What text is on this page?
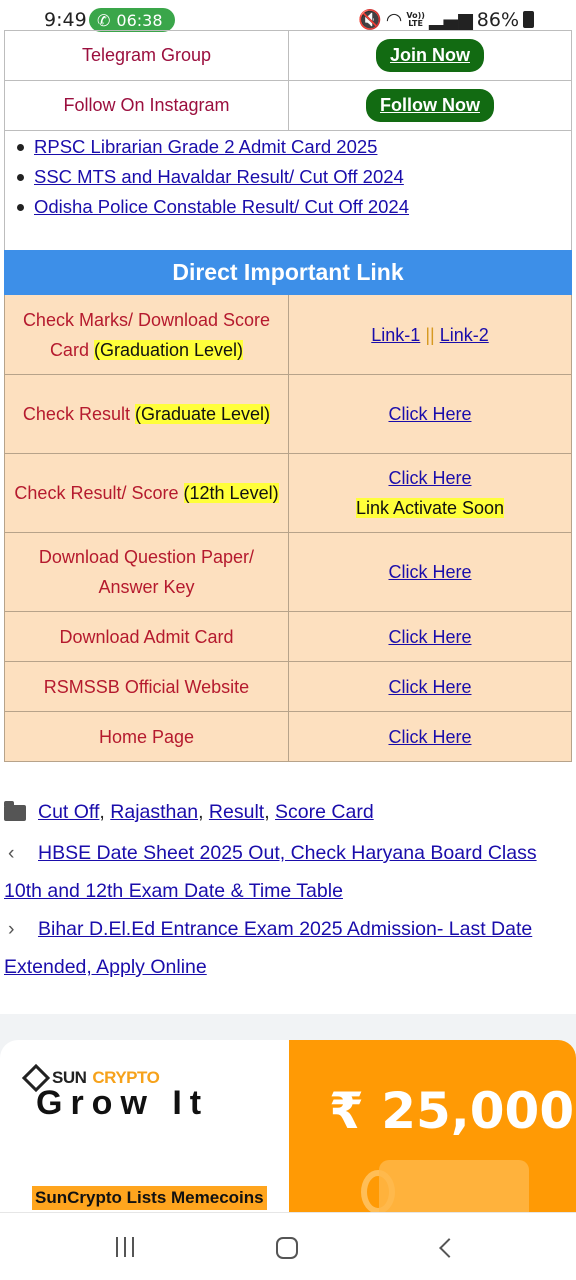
9:49 ✆ 06:38	🔇 ◠ Vo))
LTE ▂▄▆ 86%
Telegram Group	Join Now
Follow On Instagram	Follow Now
RPSC Librarian Grade 2 Admit Card 2025
SSC MTS and Havaldar Result/ Cut Off 2024
Odisha Police Constable Result/ Cut Off 2024
Direct Important Link	
Check Marks/ Download Score Card (Graduation Level)	Link-1 || Link-2
Check Result (Graduate Level)	Click Here
Check Result/ Score (12th Level)	Click Here
Link Activate Soon
Download Question Paper/ Answer Key	Click Here
Download Admit Card	Click Here
RSMSSB Official Website	Click Here
Home Page	Click Here
Cut Off ,
Rajasthan ,
Result ,
Score Card
‹ HBSE Date Sheet 2025 Out, Check Haryana Board Class 10th and 12th Exam Date & Time Table
› Bihar D.El.Ed Entrance Exam 2025 Admission- Last Date Extended, Apply Online
SUN CRYPTO
Grow It
SunCrypto Lists Memecoins
₹ 25,000
